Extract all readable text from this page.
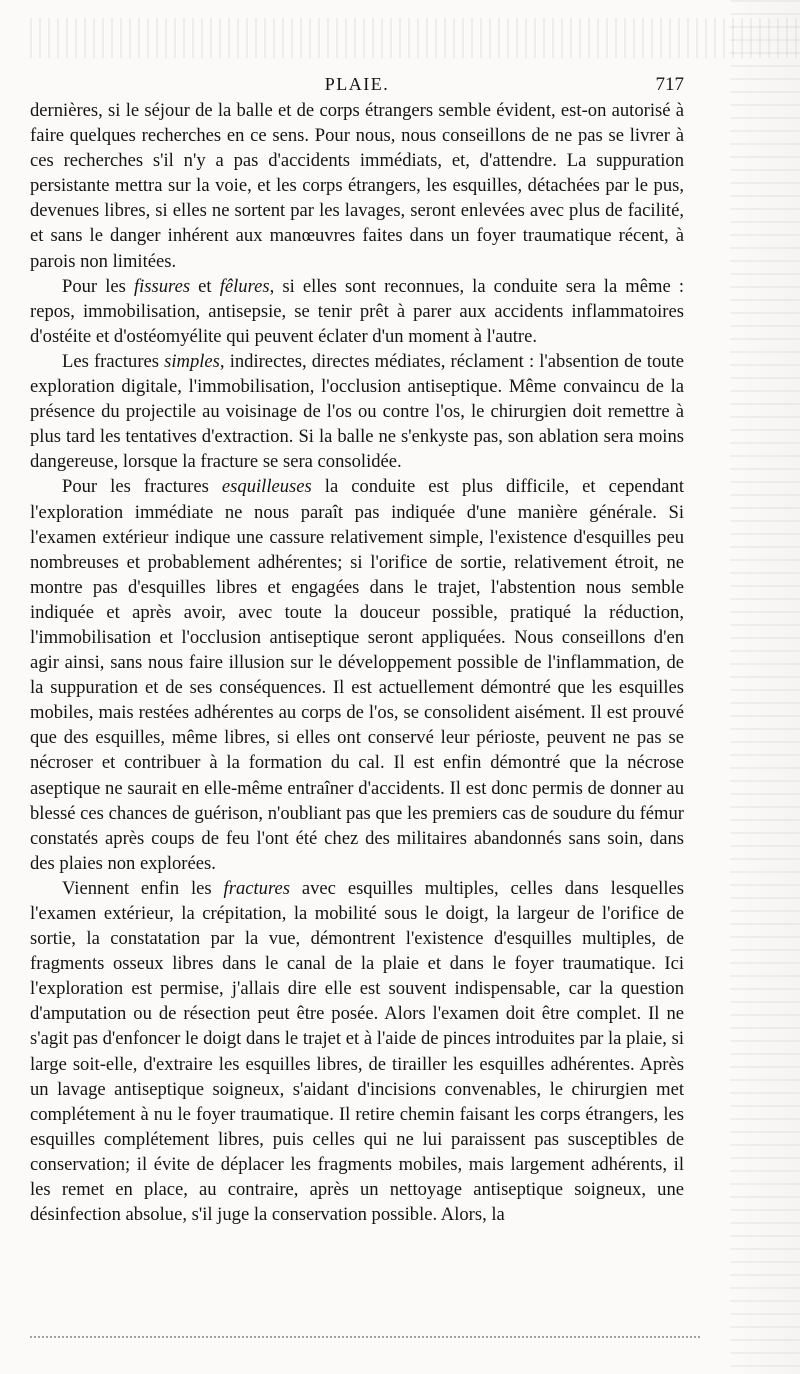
PLAIE.	717

dernières, si le séjour de la balle et de corps étrangers semble évident, est-on autorisé à faire quelques recherches en ce sens. Pour nous, nous conseillons de ne pas se livrer à ces recherches s'il n'y a pas d'accidents immédiats, et, d'attendre. La suppuration persistante mettra sur la voie, et les corps étrangers, les esquilles, détachées par le pus, devenues libres, si elles ne sortent par les lavages, seront enlevées avec plus de facilité, et sans le danger inhérent aux manœuvres faites dans un foyer traumatique récent, à parois non limitées.

Pour les fissures et fêlures, si elles sont reconnues, la conduite sera la même : repos, immobilisation, antisepsie, se tenir prêt à parer aux accidents inflammatoires d'ostéite et d'ostéomyélite qui peuvent éclater d'un moment à l'autre.

Les fractures simples, indirectes, directes médiates, réclament : l'absention de toute exploration digitale, l'immobilisation, l'occlusion antiseptique. Même convaincu de la présence du projectile au voisinage de l'os ou contre l'os, le chirurgien doit remettre à plus tard les tentatives d'extraction. Si la balle ne s'enkyste pas, son ablation sera moins dangereuse, lorsque la fracture se sera consolidée.

Pour les fractures esquilleuses la conduite est plus difficile, et cependant l'exploration immédiate ne nous paraît pas indiquée d'une manière générale. Si l'examen extérieur indique une cassure relativement simple, l'existence d'esquilles peu nombreuses et probablement adhérentes; si l'orifice de sortie, relativement étroit, ne montre pas d'esquilles libres et engagées dans le trajet, l'abstention nous semble indiquée et après avoir, avec toute la douceur possible, pratiqué la réduction, l'immobilisation et l'occlusion antiseptique seront appliquées. Nous conseillons d'en agir ainsi, sans nous faire illusion sur le développement possible de l'inflammation, de la suppuration et de ses conséquences. Il est actuellement démontré que les esquilles mobiles, mais restées adhérentes au corps de l'os, se consolident aisément. Il est prouvé que des esquilles, même libres, si elles ont conservé leur périoste, peuvent ne pas se nécroser et contribuer à la formation du cal. Il est enfin démontré que la nécrose aseptique ne saurait en elle-même entraîner d'accidents. Il est donc permis de donner au blessé ces chances de guérison, n'oubliant pas que les premiers cas de soudure du fémur constatés après coups de feu l'ont été chez des militaires abandonnés sans soin, dans des plaies non explorées.

Viennent enfin les fractures avec esquilles multiples, celles dans lesquelles l'examen extérieur, la crépitation, la mobilité sous le doigt, la largeur de l'orifice de sortie, la constatation par la vue, démontrent l'existence d'esquilles multiples, de fragments osseux libres dans le canal de la plaie et dans le foyer traumatique. Ici l'exploration est permise, j'allais dire elle est souvent indispensable, car la question d'amputation ou de résection peut être posée. Alors l'examen doit être complet. Il ne s'agit pas d'enfoncer le doigt dans le trajet et à l'aide de pinces introduites par la plaie, si large soit-elle, d'extraire les esquilles libres, de tirailler les esquilles adhérentes. Après un lavage antiseptique soigneux, s'aidant d'incisions convenables, le chirurgien met complétement à nu le foyer traumatique. Il retire chemin faisant les corps étrangers, les esquilles complétement libres, puis celles qui ne lui paraissent pas susceptibles de conservation; il évite de déplacer les fragments mobiles, mais largement adhérents, il les remet en place, au contraire, après un nettoyage antiseptique soigneux, une désinfection absolue, s'il juge la conservation possible. Alors, la
